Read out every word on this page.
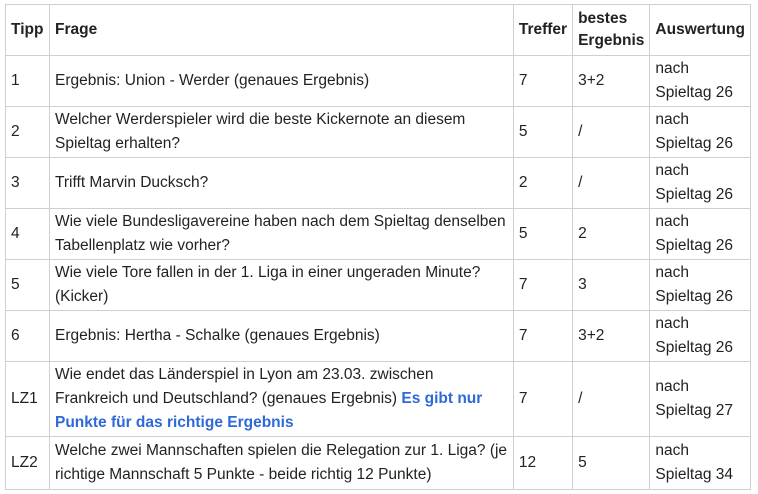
Tipp	Frage	Treffer	bestes Ergebnis	Auswertung
1	Ergebnis: Union - Werder (genaues Ergebnis)	7	3+2	nach Spieltag 26
2	Welcher Werderspieler wird die beste Kickernote an diesem Spieltag erhalten?	5	/	nach Spieltag 26
3	Trifft Marvin Ducksch?	2	/	nach Spieltag 26
4	Wie viele Bundesligavereine haben nach dem Spieltag denselben Tabellenplatz wie vorher?	5	2	nach Spieltag 26
5	Wie viele Tore fallen in der 1. Liga in einer ungeraden Minute? (Kicker)	7	3	nach Spieltag 26
6	Ergebnis: Hertha - Schalke (genaues Ergebnis)	7	3+2	nach Spieltag 26
LZ1	Wie endet das Länderspiel in Lyon am 23.03. zwischen Frankreich und Deutschland? (genaues Ergebnis) Es gibt nur Punkte für das richtige Ergebnis	7	/	nach Spieltag 27
LZ2	Welche zwei Mannschaften spielen die Relegation zur 1. Liga? (je richtige Mannschaft 5 Punkte - beide richtig 12 Punkte)	12	5	nach Spieltag 34
